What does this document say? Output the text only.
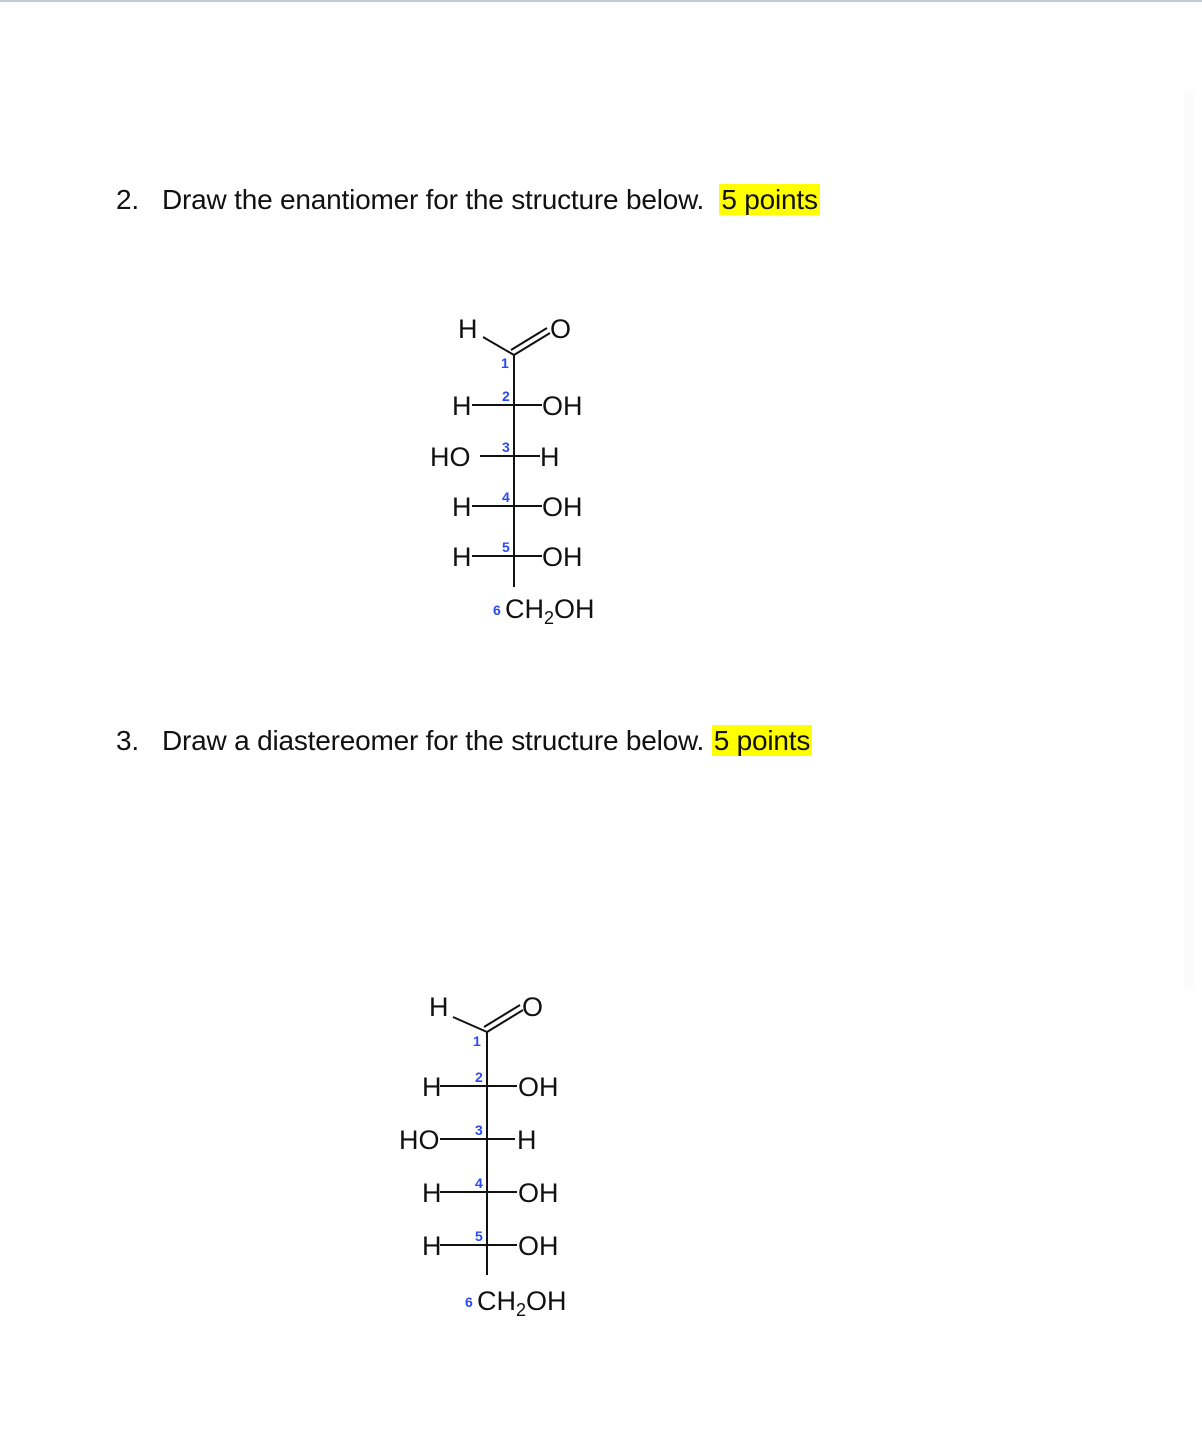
2. Draw the enantiomer for the structure below. 5 points
H	O
H	OH
HO	H
H	OH
H	OH
$CH_2OH$
1
2
3
4
5
6
3. Draw a diastereomer for the structure below. 5 points
H	O
H	OH
HO	H
H	OH
H	OH
$CH_2OH$
1
2
3
4
5
6
